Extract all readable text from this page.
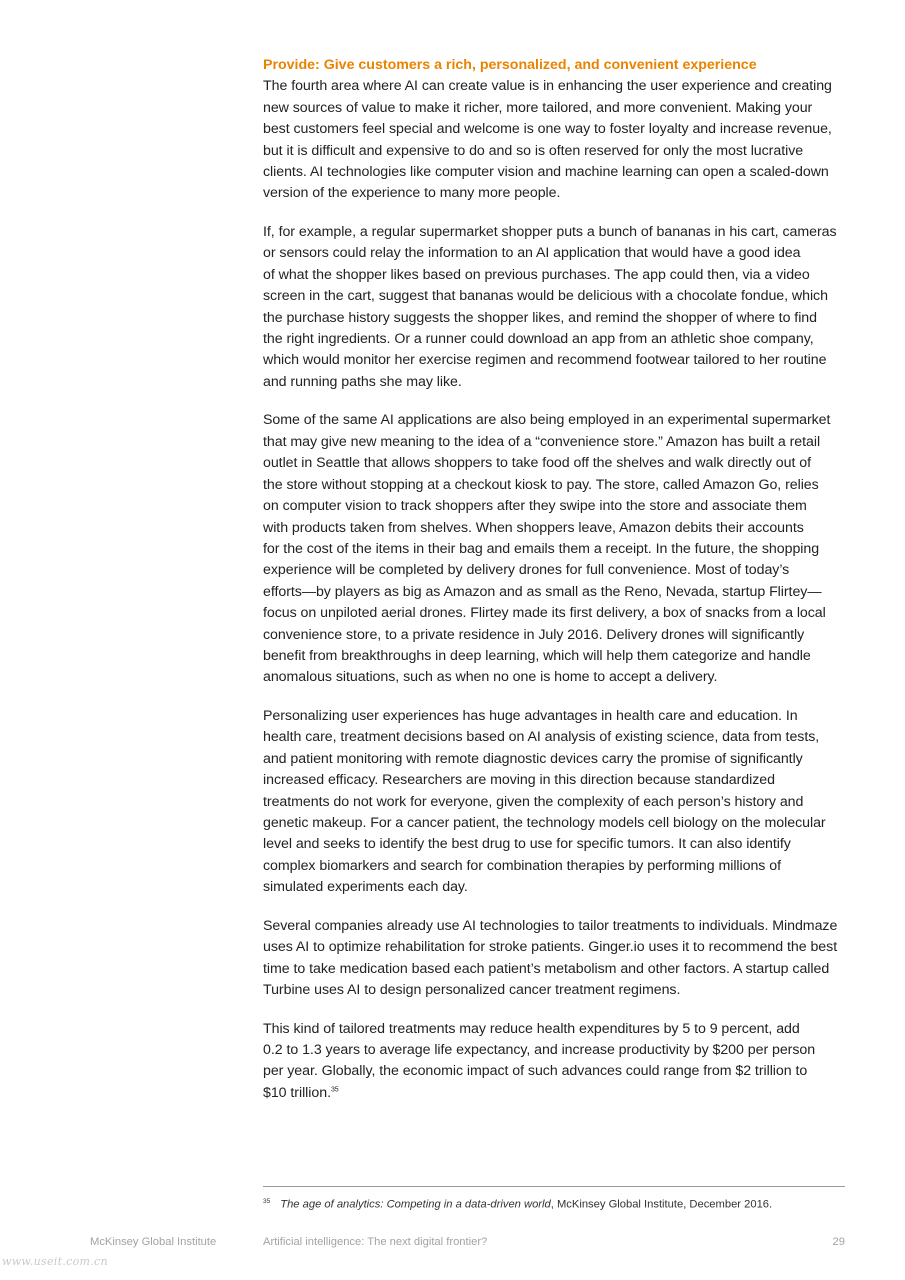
Provide: Give customers a rich, personalized, and convenient experience

The fourth area where AI can create value is in enhancing the user experience and creating
new sources of value to make it richer, more tailored, and more convenient. Making your
best customers feel special and welcome is one way to foster loyalty and increase revenue,
but it is difficult and expensive to do and so is often reserved for only the most lucrative
clients. AI technologies like computer vision and machine learning can open a scaled-down
version of the experience to many more people.

If, for example, a regular supermarket shopper puts a bunch of bananas in his cart, cameras
or sensors could relay the information to an AI application that would have a good idea
of what the shopper likes based on previous purchases. The app could then, via a video
screen in the cart, suggest that bananas would be delicious with a chocolate fondue, which
the purchase history suggests the shopper likes, and remind the shopper of where to find
the right ingredients. Or a runner could download an app from an athletic shoe company,
which would monitor her exercise regimen and recommend footwear tailored to her routine
and running paths she may like.

Some of the same AI applications are also being employed in an experimental supermarket
that may give new meaning to the idea of a “convenience store.” Amazon has built a retail
outlet in Seattle that allows shoppers to take food off the shelves and walk directly out of
the store without stopping at a checkout kiosk to pay. The store, called Amazon Go, relies
on computer vision to track shoppers after they swipe into the store and associate them
with products taken from shelves. When shoppers leave, Amazon debits their accounts
for the cost of the items in their bag and emails them a receipt. In the future, the shopping
experience will be completed by delivery drones for full convenience. Most of today’s
efforts—by players as big as Amazon and as small as the Reno, Nevada, startup Flirtey—
focus on unpiloted aerial drones. Flirtey made its first delivery, a box of snacks from a local
convenience store, to a private residence in July 2016. Delivery drones will significantly
benefit from breakthroughs in deep learning, which will help them categorize and handle
anomalous situations, such as when no one is home to accept a delivery.

Personalizing user experiences has huge advantages in health care and education. In
health care, treatment decisions based on AI analysis of existing science, data from tests,
and patient monitoring with remote diagnostic devices carry the promise of significantly
increased efficacy. Researchers are moving in this direction because standardized
treatments do not work for everyone, given the complexity of each person’s history and
genetic makeup. For a cancer patient, the technology models cell biology on the molecular
level and seeks to identify the best drug to use for specific tumors. It can also identify
complex biomarkers and search for combination therapies by performing millions of
simulated experiments each day.

Several companies already use AI technologies to tailor treatments to individuals. Mindmaze
uses AI to optimize rehabilitation for stroke patients. Ginger.io uses it to recommend the best
time to take medication based each patient’s metabolism and other factors. A startup called
Turbine uses AI to design personalized cancer treatment regimens.

This kind of tailored treatments may reduce health expenditures by 5 to 9 percent, add
0.2 to 1.3 years to average life expectancy, and increase productivity by $200 per person
per year. Globally, the economic impact of such advances could range from $2 trillion to
$10 trillion.$^{35}$

$^{35}$ The age of analytics: Competing in a data-driven world, McKinsey Global Institute, December 2016.
McKinsey Global Institute	Artificial intelligence: The next digital frontier?	29
www.useit.com.cn
